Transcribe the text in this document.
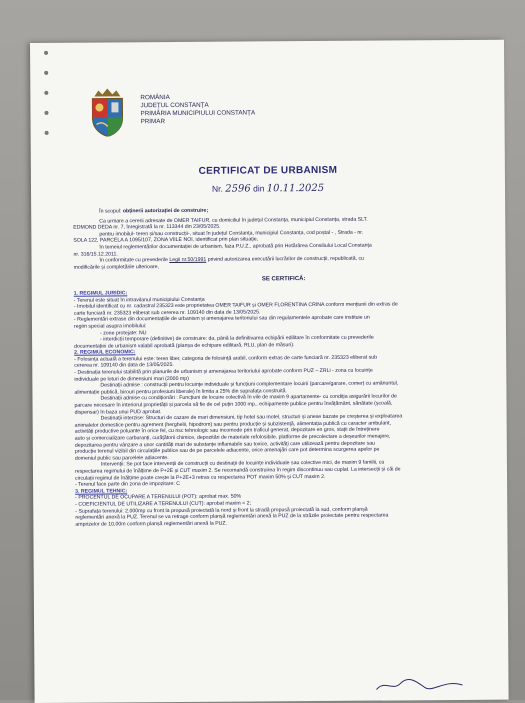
ROMÂNIA
JUDEȚUL CONSTANȚA
PRIMĂRIA MUNICIPIULUI CONSTANȚA
PRIMAR
CERTIFICAT DE URBANISM
Nr. 2596 din 10.11.2025

În scopul: obținerii autorizației de construire;

Ca urmare a cererii adresate de OMER TAIFUR, cu domiciliul în județul Constanța, municipiul Constanța, strada SLT.

EDMOND DEDA nr. 7, înregistrată la nr. 113344 din 23/05/2025.

pentru imobilul- teren și/sau construcții-, situat în județul Constanța, municipiul Constanța, cod poștal - , Strada - nr.

SOLA 122, PARCELA A 1095/107, ZONA VIILE NOI, identificat prin plan situație,

în temeiul reglementărilor documentației de urbanism, faza P.U.Z., aprobată prin Hotărârea Consiliului Local Constanța

nr. 316/15.12.2011.

în conformitate cu prevederile Legii nr.50/1991 privind autorizarea executării lucrărilor de construcții, republicată, cu

modificările și completările ulterioare,

SE CERTIFICĂ:

1. REGIMUL JURIDIC:

- Terenul este situat în intravilanul municipiului Constanța

- Imobilul identificat cu nr. cadastral 235323 este proprietatea OMER TAIFUR și OMER FLORENTINA CRINA conform mențiunii din extras de

carte funciară nr. 235323 eliberat sub cererea nr. 109140 din data de 13/05/2025.

- Reglementări extrase din documentațiile de urbanism și amenajarea teritoriului sau din regulamentele aprobate care instituie un

regim special asupra imobilului:

- zone protejate: NU

- interdicții temporare (definitive) de construire: da, până la definitivarea echipării edilitare în conformitate cu prevederile

documentației de urbanism valabil aprobată (planșa de echipare edilitară, RLU, plan de măsuri).

2. REGIMUL ECONOMIC:

- Folosința actuală a terenului este: teren liber, categoria de folosință arabil, conform extras de carte funciară nr. 235323 eliberat sub

cererea nr. 109140 din data de 13/05/2025.

- Destinația terenului stabilită prin planurile de urbanism și amenajarea teritoriului aprobate conform PUZ – ZRLi - zona cu locuințe

individuale pe loturi de dimensiuni mari (2000 mp)

Destinații admise : construcții pentru locuințe individuale și funcțiuni complementare locuirii (parcare/garare, comerț cu amănuntul,

alimentație publică, birouri pentru profesiuni liberale) în limita a 25% din suprafața construită.

Destinații admise cu condiționări : Funcțiuni de locuire colectivă în vile de maxim 9 apartamente- cu condiția asigurării locurilor de

parcare necesare în interiorul proprietății și parcela să fie de cel puțin 1000 mp., echipamente publice pentru învățământ, sănătate (școală,

dispensar) în baza unui PUD aprobat.

Destinații interzise: Structuri de cazare de mari dimensiuni, tip hotel sau motel, structuri și anexe bazate pe creșterea și exploatarea

animalelor domestice pentru agrement (herghelii, hipodrom) sau pentru producție și subzistență, alimentația publică cu caracter ambulant,

activități productive poluante în orice fel, cu risc tehnologic sau incomode prin traficul generat, depozitare en gros, stații de întreținere

auto și comercializare carburanți, curățătorii chimice, depozitări de materiale refolosibile, platforme de precolectare a deșeurilor menajere,

depozitarea pentru vânzare a unor cantități mari de substanțe inflamabile sau toxice, activități care utilizează pentru depozitare sau

producție terenul vizibil din circulațiile publice sau de pe parcelele adiacente, orice amenajări care pot determina scurgerea apelor pe

domeniul public sau parcelele adiacente.

Intervenții: Se pot face intervenții de construcții cu destinații de locuințe individuale sau colective mici, de maxim 9 familii, cu

respectarea regimului de înălțime de P+2E și CUT maxim 2. Se recomandă construirea în regim discontinuu sau cuplat. La intersecții și căi de

circulații regimul de înălțime poate crește la P+2E+3 retras cu respectarea POT maxim 50% și CUT maxim 2.

- Terenul face parte din zona de impozitare: C

3. REGIMUL TEHNIC:

- PROCENTUL DE OCUPARE A TERENULUI (POT): aprobat max. 50%

- COEFICIENTUL DE UTILIZARE A TERENULUI (CUT): aprobat maxim = 2;

- Suprafața terenului: 2.000mp cu front la propusă proiectată la nord și front la stradă propusă proiectată la sud, conform planșă

reglementări anexă la PUZ. Terenul se va retrage conform planșă reglementări anexă la PUZ de la străzile proiectate pentru respectarea

amprizelor de 10,00m conform planșă reglementări anexă la PUZ.
